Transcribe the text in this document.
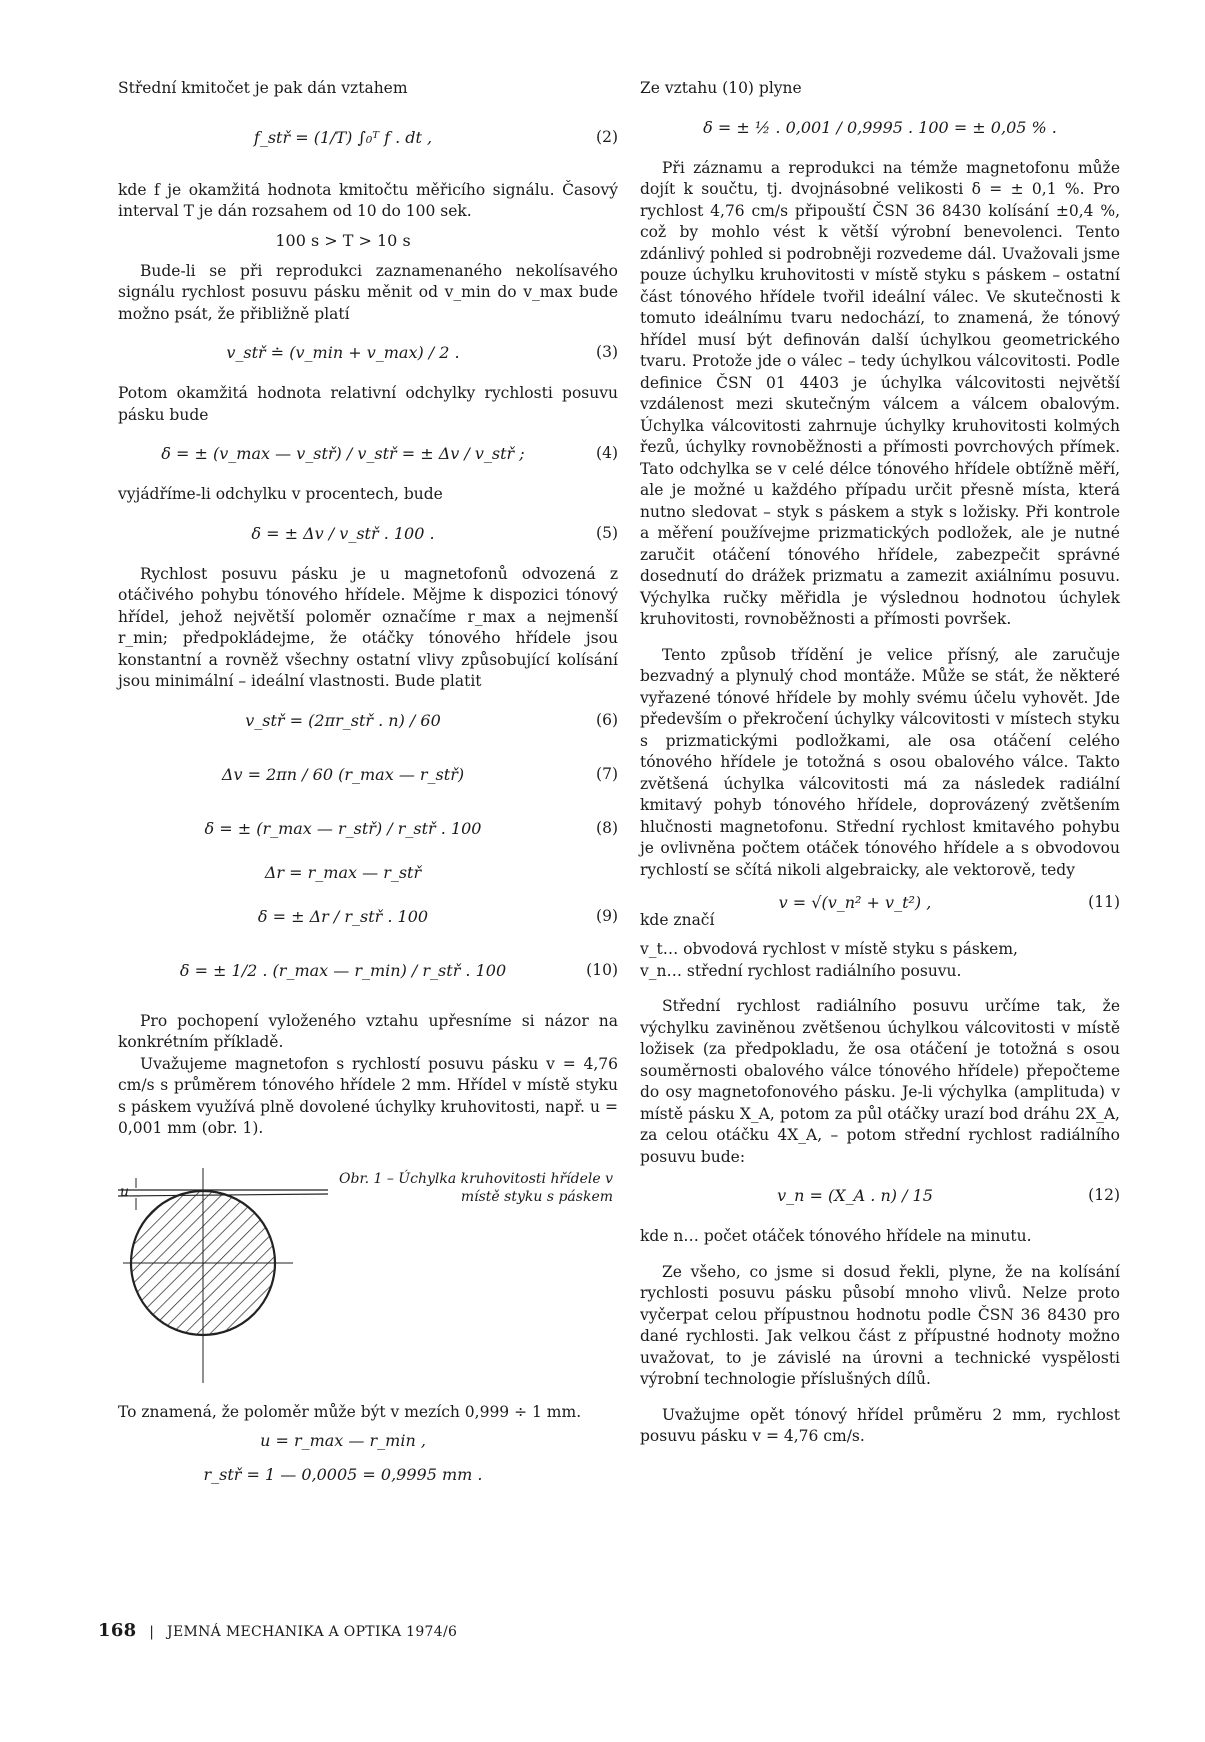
Střední kmitočet je pak dán vztahem

f_stř = (1/T) ∫₀ᵀ f . dt ,	(2)

kde f je okamžitá hodnota kmitočtu měřicího signálu. Časový interval T je dán rozsahem od 10 do 100 sek.

100 s > T > 10 s

Bude-li se při reprodukci zaznamenaného nekolísavého signálu rychlost posuvu pásku měnit od v_min do v_max bude možno psát, že přibližně platí

v_stř ≐ (v_min + v_max) / 2 .	(3)

Potom okamžitá hodnota relativní odchylky rychlosti posuvu pásku bude

δ = ± (v_max — v_stř) / v_stř = ± Δv / v_stř ;	(4)

vyjádříme-li odchylku v procentech, bude

δ = ± Δv / v_stř . 100 .	(5)

Rychlost posuvu pásku je u magnetofonů odvozená z otáčivého pohybu tónového hřídele. Mějme k dispozici tónový hřídel, jehož největší poloměr označíme r_max a nejmenší r_min; předpokládejme, že otáčky tónového hřídele jsou konstantní a rovněž všechny ostatní vlivy způsobující kolísání jsou minimální – ideální vlastnosti. Bude platit

v_stř = (2πr_stř . n) / 60	(6)
Δv = 2πn / 60 (r_max — r_stř)	(7)
δ = ± (r_max — r_stř) / r_stř . 100	(8)
Δr = r_max — r_stř
δ = ± Δr / r_stř . 100	(9)
δ = ± 1/2 . (r_max — r_min) / r_stř . 100	(10)

Pro pochopení vyloženého vztahu upřesníme si názor na konkrétním příkladě.

Uvažujeme magnetofon s rychlostí posuvu pásku v = 4,76 cm/s s průměrem tónového hřídele 2 mm. Hřídel v místě styku s páskem využívá plně dovolené úchylky kruhovitosti, např. u = 0,001 mm (obr. 1).

u
Obr. 1 – Úchylka kruhovitosti hřídele v místě styku s páskem

To znamená, že poloměr může být v mezích 0,999 ÷ 1 mm.

u = r_max — r_min ,
r_stř = 1 — 0,0005 = 0,9995 mm .

Ze vztahu (10) plyne

δ = ± ½ . 0,001 / 0,9995 . 100 = ± 0,05 % .

Při záznamu a reprodukci na témže magnetofonu může dojít k součtu, tj. dvojnásobné velikosti δ = ± 0,1 %. Pro rychlost 4,76 cm/s připouští ČSN 36 8430 kolísání ±0,4 %, což by mohlo vést k větší výrobní benevolenci. Tento zdánlivý pohled si podrobněji rozvedeme dál. Uvažovali jsme pouze úchylku kruhovitosti v místě styku s páskem – ostatní část tónového hřídele tvořil ideální válec. Ve skutečnosti k tomuto ideálnímu tvaru nedochází, to znamená, že tónový hřídel musí být definován další úchylkou geometrického tvaru. Protože jde o válec – tedy úchylkou válcovitosti. Podle definice ČSN 01 4403 je úchylka válcovitosti největší vzdálenost mezi skutečným válcem a válcem obalovým. Úchylka válcovitosti zahrnuje úchylky kruhovitosti kolmých řezů, úchylky rovnoběžnosti a přímosti povrchových přímek. Tato odchylka se v celé délce tónového hřídele obtížně měří, ale je možné u každého případu určit přesně místa, která nutno sledovat – styk s páskem a styk s ložisky. Při kontrole a měření používejme prizmatických podložek, ale je nutné zaručit otáčení tónového hřídele, zabezpečit správné dosednutí do drážek prizmatu a zamezit axiálnímu posuvu. Výchylka ručky měřidla je výslednou hodnotou úchylek kruhovitosti, rovnoběžnosti a přímosti površek.

Tento způsob třídění je velice přísný, ale zaručuje bezvadný a plynulý chod montáže. Může se stát, že některé vyřazené tónové hřídele by mohly svému účelu vyhovět. Jde především o překročení úchylky válcovitosti v místech styku s prizmatickými podložkami, ale osa otáčení celého tónového hřídele je totožná s osou obalového válce. Takto zvětšená úchylka válcovitosti má za následek radiální kmitavý pohyb tónového hřídele, doprovázený zvětšením hlučnosti magnetofonu. Střední rychlost kmitavého pohybu je ovlivněna počtem otáček tónového hřídele a s obvodovou rychlostí se sčítá nikoli algebraicky, ale vektorově, tedy

kde značí
v = √(v_n² + v_t²) ,	(11)
v_t… obvodová rychlost v místě styku s páskem,
v_n… střední rychlost radiálního posuvu.

Střední rychlost radiálního posuvu určíme tak, že výchylku zaviněnou zvětšenou úchylkou válcovitosti v místě ložisek (za předpokladu, že osa otáčení je totožná s osou souměrnosti obalového válce tónového hřídele) přepočteme do osy magnetofonového pásku. Je-li výchylka (amplituda) v místě pásku X_A, potom za půl otáčky urazí bod dráhu 2X_A, za celou otáčku 4X_A, – potom střední rychlost radiálního posuvu bude:

v_n = (X_A . n) / 15	(12)

kde n… počet otáček tónového hřídele na minutu.

Ze všeho, co jsme si dosud řekli, plyne, že na kolísání rychlosti posuvu pásku působí mnoho vlivů. Nelze proto vyčerpat celou přípustnou hodnotu podle ČSN 36 8430 pro dané rychlosti. Jak velkou část z přípustné hodnoty možno uvažovat, to je závislé na úrovni a technické vyspělosti výrobní technologie příslušných dílů.

Uvažujme opět tónový hřídel průměru 2 mm, rychlost posuvu pásku v = 4,76 cm/s.

168 | JEMNÁ MECHANIKA A OPTIKA 1974/6
